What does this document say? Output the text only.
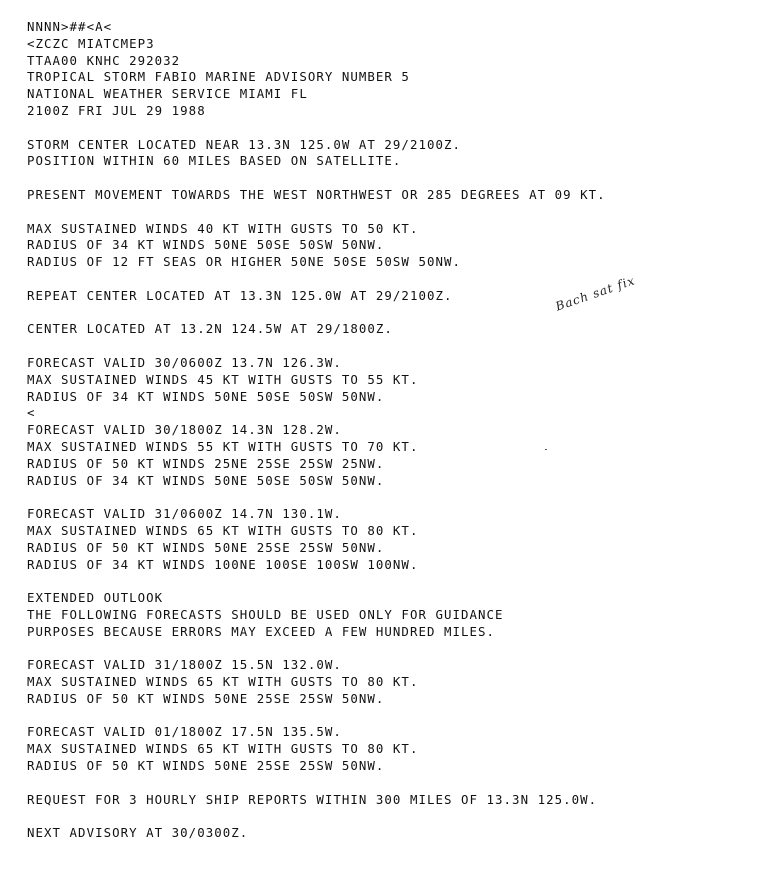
NNNN>##<A<
<ZCZC MIATCMEP3
TTAA00 KNHC 292032
TROPICAL STORM FABIO MARINE ADVISORY NUMBER 5
NATIONAL WEATHER SERVICE MIAMI FL
2100Z FRI JUL 29 1988
STORM CENTER LOCATED NEAR 13.3N 125.0W AT 29/2100Z.
POSITION WITHIN 60 MILES BASED ON SATELLITE.
PRESENT MOVEMENT TOWARDS THE WEST NORTHWEST OR 285 DEGREES AT 09 KT.
MAX SUSTAINED WINDS 40 KT WITH GUSTS TO 50 KT.
RADIUS OF 34 KT WINDS 50NE 50SE 50SW 50NW.
RADIUS OF 12 FT SEAS OR HIGHER 50NE 50SE 50SW 50NW.
REPEAT CENTER LOCATED AT 13.3N 125.0W AT 29/2100Z.
CENTER LOCATED AT 13.2N 124.5W AT 29/1800Z.
FORECAST VALID 30/0600Z 13.7N 126.3W.
MAX SUSTAINED WINDS 45 KT WITH GUSTS TO 55 KT.
RADIUS OF 34 KT WINDS 50NE 50SE 50SW 50NW.
<
FORECAST VALID 30/1800Z 14.3N 128.2W.
MAX SUSTAINED WINDS 55 KT WITH GUSTS TO 70 KT.
RADIUS OF 50 KT WINDS 25NE 25SE 25SW 25NW.
RADIUS OF 34 KT WINDS 50NE 50SE 50SW 50NW.
FORECAST VALID 31/0600Z 14.7N 130.1W.
MAX SUSTAINED WINDS 65 KT WITH GUSTS TO 80 KT.
RADIUS OF 50 KT WINDS 50NE 25SE 25SW 50NW.
RADIUS OF 34 KT WINDS 100NE 100SE 100SW 100NW.
EXTENDED OUTLOOK
THE FOLLOWING FORECASTS SHOULD BE USED ONLY FOR GUIDANCE
PURPOSES BECAUSE ERRORS MAY EXCEED A FEW HUNDRED MILES.
FORECAST VALID 31/1800Z 15.5N 132.0W.
MAX SUSTAINED WINDS 65 KT WITH GUSTS TO 80 KT.
RADIUS OF 50 KT WINDS 50NE 25SE 25SW 50NW.
FORECAST VALID 01/1800Z 17.5N 135.5W.
MAX SUSTAINED WINDS 65 KT WITH GUSTS TO 80 KT.
RADIUS OF 50 KT WINDS 50NE 25SE 25SW 50NW.
REQUEST FOR 3 HOURLY SHIP REPORTS WITHIN 300 MILES OF 13.3N 125.0W.
NEXT ADVISORY AT 30/0300Z.
Bach sat fix
